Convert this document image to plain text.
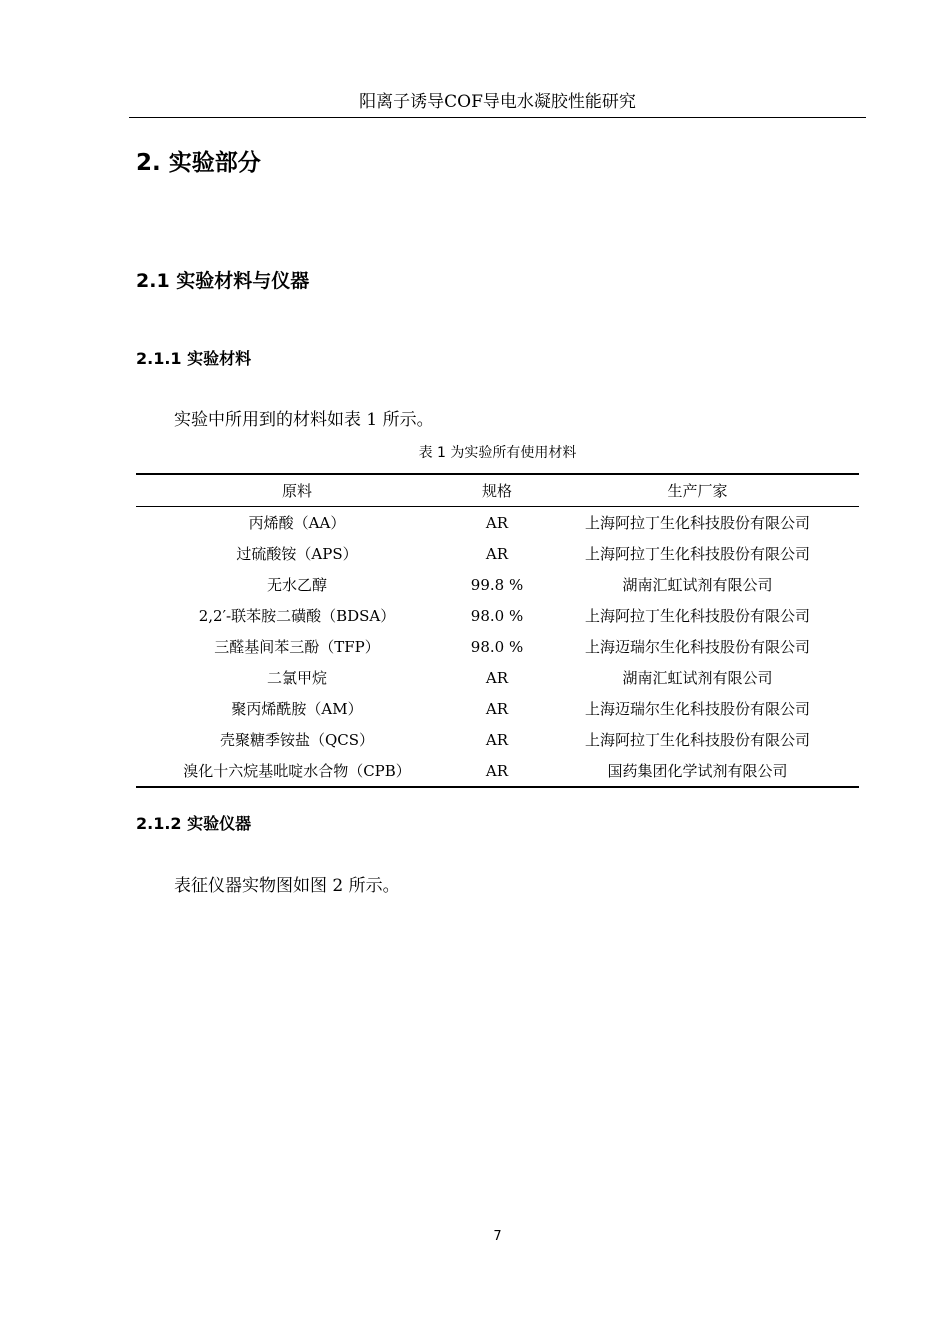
阳离子诱导COF导电水凝胶性能研究
2. 实验部分
2.1 实验材料与仪器
2.1.1 实验材料

实验中所用到的材料如表 1 所示。

表 1 为实验所有使用材料
原料	规格	生产厂家
丙烯酸（AA）	AR	上海阿拉丁生化科技股份有限公司
过硫酸铵（APS）	AR	上海阿拉丁生化科技股份有限公司
无水乙醇	99.8 %	湖南汇虹试剂有限公司
2,2′-联苯胺二磺酸（BDSA）	98.0 %	上海阿拉丁生化科技股份有限公司
三醛基间苯三酚（TFP）	98.0 %	上海迈瑞尔生化科技股份有限公司
二氯甲烷	AR	湖南汇虹试剂有限公司
聚丙烯酰胺（AM）	AR	上海迈瑞尔生化科技股份有限公司
壳聚糖季铵盐（QCS）	AR	上海阿拉丁生化科技股份有限公司
溴化十六烷基吡啶水合物（CPB）	AR	国药集团化学试剂有限公司
2.1.2 实验仪器

表征仪器实物图如图 2 所示。

7
